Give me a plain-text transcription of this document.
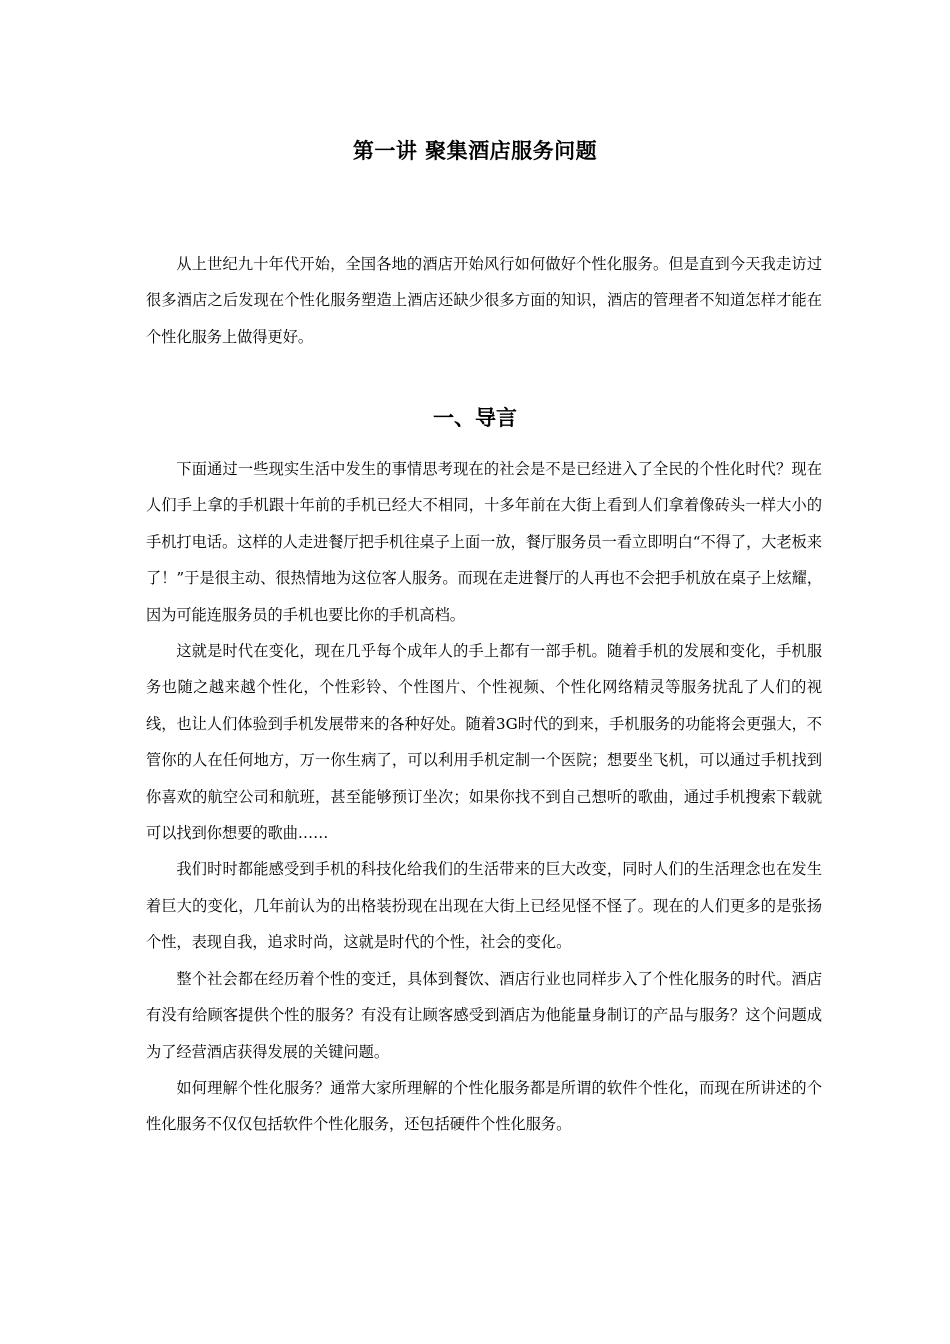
第一讲 聚集酒店服务问题

从上世纪九十年代开始，全国各地的酒店开始风行如何做好个性化服务。但是直到今天我走访过很多酒店之后发现在个性化服务塑造上酒店还缺少很多方面的知识，酒店的管理者不知道怎样才能在个性化服务上做得更好。

一、导言

下面通过一些现实生活中发生的事情思考现在的社会是不是已经进入了全民的个性化时代？现在人们手上拿的手机跟十年前的手机已经大不相同，十多年前在大街上看到人们拿着像砖头一样大小的手机打电话。这样的人走进餐厅把手机往桌子上面一放，餐厅服务员一看立即明白“不得了，大老板来了！”于是很主动、很热情地为这位客人服务。而现在走进餐厅的人再也不会把手机放在桌子上炫耀，因为可能连服务员的手机也要比你的手机高档。

这就是时代在变化，现在几乎每个成年人的手上都有一部手机。随着手机的发展和变化，手机服务也随之越来越个性化，个性彩铃、个性图片、个性视频、个性化网络精灵等服务扰乱了人们的视线，也让人们体验到手机发展带来的各种好处。随着3G时代的到来，手机服务的功能将会更强大，不管你的人在任何地方，万一你生病了，可以利用手机定制一个医院；想要坐飞机，可以通过手机找到你喜欢的航空公司和航班，甚至能够预订坐次；如果你找不到自己想听的歌曲，通过手机搜索下载就可以找到你想要的歌曲……

我们时时都能感受到手机的科技化给我们的生活带来的巨大改变，同时人们的生活理念也在发生着巨大的变化，几年前认为的出格装扮现在出现在大街上已经见怪不怪了。现在的人们更多的是张扬个性，表现自我，追求时尚，这就是时代的个性，社会的变化。

整个社会都在经历着个性的变迁，具体到餐饮、酒店行业也同样步入了个性化服务的时代。酒店有没有给顾客提供个性的服务？有没有让顾客感受到酒店为他能量身制订的产品与服务？这个问题成为了经营酒店获得发展的关键问题。

如何理解个性化服务？通常大家所理解的个性化服务都是所谓的软件个性化，而现在所讲述的个性化服务不仅仅包括软件个性化服务，还包括硬件个性化服务。
